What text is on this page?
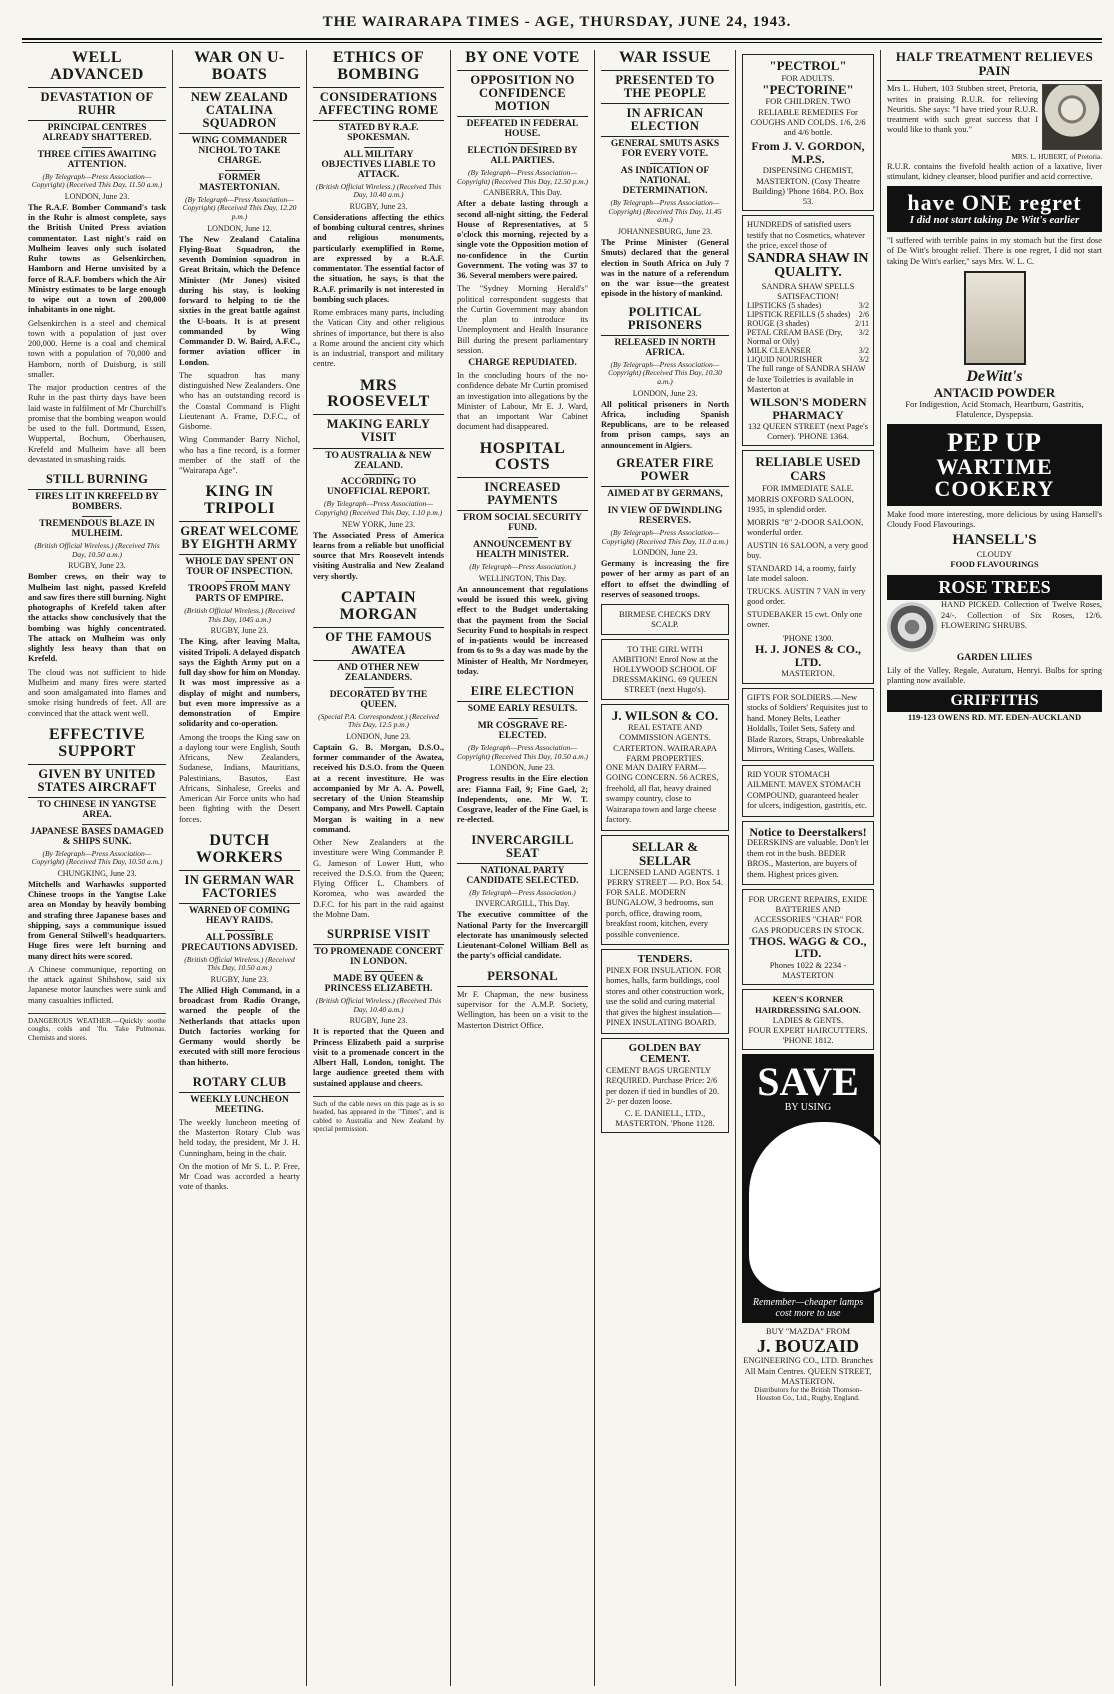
THE WAIRARAPA TIMES - AGE, THURSDAY, JUNE 24, 1943.
WELL ADVANCED
DEVASTATION OF RUHR
PRINCIPAL CENTRES ALREADY SHATTERED.
THREE CITIES AWAITING ATTENTION.
(By Telegraph—Press Association—Copyright) (Received This Day, 11.50 a.m.)
LONDON, June 23.

The R.A.F. Bomber Command's task in the Ruhr is almost complete, says the British United Press aviation commentator. Last night's raid on Mulheim leaves only such isolated Ruhr towns as Gelsenkirchen, Hamborn and Herne unvisited by a force of R.A.F. bombers which the Air Ministry estimates to be large enough to wipe out a town of 200,000 inhabitants in one night.

Gelsenkirchen is a steel and chemical town with a population of just over 200,000. Herne is a coal and chemical town with a population of 70,000 and Hamborn, north of Duisburg, is still smaller.

The major production centres of the Ruhr in the past thirty days have been laid waste in fulfilment of Mr Churchill's promise that the bombing weapon would be used to the full. Dortmund, Essen, Wuppertal, Bochum, Oberhausen, Krefeld and Mulheim have all been devastated in smashing raids.

STILL BURNING
FIRES LIT IN KREFELD BY BOMBERS.
TREMENDOUS BLAZE IN MULHEIM.
(British Official Wireless.) (Received This Day, 10.50 a.m.)
RUGBY, June 23.

Bomber crews, on their way to Mulheim last night, passed Krefeld and saw fires there still burning. Night photographs of Krefeld taken after the attacks show conclusively that the bombing was highly concentrated. The attack on Mulheim was only slightly less heavy than that on Krefeld.

The cloud was not sufficient to hide Mulheim and many fires were started and soon amalgamated into flames and smoke rising hundreds of feet. All are convinced that the attack went well.

EFFECTIVE SUPPORT
GIVEN BY UNITED STATES AIRCRAFT
TO CHINESE IN YANGTSE AREA.
JAPANESE BASES DAMAGED & SHIPS SUNK.
(By Telegraph—Press Association—Copyright) (Received This Day, 10.50 a.m.)
CHUNGKING, June 23.

Mitchells and Warhawks supported Chinese troops in the Yangtse Lake area on Monday by heavily bombing and strafing three Japanese bases and shipping, says a communique issued from General Stilwell's headquarters. Huge fires were left burning and many direct hits were scored.

A Chinese communique, reporting on the attack against Shihshow, said six Japanese motor launches were sunk and many casualties inflicted.

DANGEROUS WEATHER.—Quickly soothe coughs, colds and 'flu. Take Pulmonas. Chemists and stores.

WAR ON U-BOATS
NEW ZEALAND CATALINA SQUADRON
WING COMMANDER NICHOL TO TAKE CHARGE.
FORMER MASTERTONIAN.
(By Telegraph—Press Association—Copyright) (Received This Day, 12.20 p.m.)
LONDON, June 12.

The New Zealand Catalina Flying-Boat Squadron, the seventh Dominion squadron in Great Britain, which the Defence Minister (Mr Jones) visited during his stay, is looking forward to helping to tie the sixties in the great battle against the U-boats. It is at present commanded by Wing Commander D. W. Baird, A.F.C., former aviation officer in London.

The squadron has many distinguished New Zealanders. One who has an outstanding record is the Coastal Command is Flight Lieutenant A. Frame, D.F.C., of Gisborne.

Wing Commander Barry Nichol, who has a fine record, is a former member of the staff of the "Wairarapa Age".

KING IN TRIPOLI
GREAT WELCOME BY EIGHTH ARMY
WHOLE DAY SPENT ON TOUR OF INSPECTION.
TROOPS FROM MANY PARTS OF EMPIRE.
(British Official Wireless.) (Received This Day, 1045 a.m.)
RUGBY, June 23.

The King, after leaving Malta, visited Tripoli. A delayed dispatch says the Eighth Army put on a full day show for him on Monday. It was most impressive as a display of might and numbers, but even more impressive as a demonstration of Empire solidarity and co-operation.

Among the troops the King saw on a daylong tour were English, South Africans, New Zealanders, Sudanese, Indians, Mauritians, Palestinians, Basutos, East Africans, Sinhalese, Greeks and American Air Force units who had been fighting with the Desert forces.

DUTCH WORKERS
IN GERMAN WAR FACTORIES
WARNED OF COMING HEAVY RAIDS.
ALL POSSIBLE PRECAUTIONS ADVISED.
(British Official Wireless.) (Received This Day, 10.50 a.m.)
RUGBY, June 23.

The Allied High Command, in a broadcast from Radio Orange, warned the people of the Netherlands that attacks upon Dutch factories working for Germany would shortly be executed with still more ferocious than hitherto.

ROTARY CLUB
WEEKLY LUNCHEON MEETING.

The weekly luncheon meeting of the Masterton Rotary Club was held today, the president, Mr J. H. Cunningham, being in the chair.

On the motion of Mr S. L. P. Free, Mr Coad was accorded a hearty vote of thanks.

ETHICS OF BOMBING
CONSIDERATIONS AFFECTING ROME
STATED BY R.A.F. SPOKESMAN.
ALL MILITARY OBJECTIVES LIABLE TO ATTACK.
(British Official Wireless.) (Received This Day, 10.40 a.m.)
RUGBY, June 23.

Considerations affecting the ethics of bombing cultural centres, shrines and religious monuments, particularly exemplified in Rome, are expressed by a R.A.F. commentator. The essential factor of the situation, he says, is that the R.A.F. primarily is not interested in bombing such places.

Rome embraces many parts, including the Vatican City and other religious shrines of importance, but there is also a Rome around the ancient city which is an industrial, transport and military centre.

MRS ROOSEVELT
MAKING EARLY VISIT
TO AUSTRALIA & NEW ZEALAND.
ACCORDING TO UNOFFICIAL REPORT.
(By Telegraph—Press Association—Copyright) (Received This Day, 1.10 p.m.)
NEW YORK, June 23.

The Associated Press of America learns from a reliable but unofficial source that Mrs Roosevelt intends visiting Australia and New Zealand very shortly.

CAPTAIN MORGAN
OF THE FAMOUS AWATEA
AND OTHER NEW ZEALANDERS.
DECORATED BY THE QUEEN.
(Special P.A. Correspondent.) (Received This Day, 12.5 p.m.)
LONDON, June 23.

Captain G. B. Morgan, D.S.O., former commander of the Awatea, received his D.S.O. from the Queen at a recent investiture. He was accompanied by Mr A. A. Powell, secretary of the Union Steamship Company, and Mrs Powell. Captain Morgan is waiting in a new command.

Other New Zealanders at the investiture were Wing Commander P. G. Jameson of Lower Hutt, who received the D.S.O. from the Queen; Flying Officer L. Chambers of Koromea, who was awarded the D.F.C. for his part in the raid against the Mohne Dam.

SURPRISE VISIT
TO PROMENADE CONCERT IN LONDON.
MADE BY QUEEN & PRINCESS ELIZABETH.
(British Official Wireless.) (Received This Day, 10.40 a.m.)
RUGBY, June 23.

It is reported that the Queen and Princess Elizabeth paid a surprise visit to a promenade concert in the Albert Hall, London, tonight. The large audience greeted them with sustained applause and cheers.

Such of the cable news on this page as is so headed, has appeared in the "Times", and is cabled to Australia and New Zealand by special permission.

BY ONE VOTE
OPPOSITION NO CONFIDENCE MOTION
DEFEATED IN FEDERAL HOUSE.
ELECTION DESIRED BY ALL PARTIES.
(By Telegraph—Press Association—Copyright) (Received This Day, 12.50 p.m.)
CANBERRA, This Day.

After a debate lasting through a second all-night sitting, the Federal House of Representatives, at 5 o'clock this morning, rejected by a single vote the Opposition motion of no-confidence in the Curtin Government. The voting was 37 to 36. Several members were paired.

The "Sydney Morning Herald's" political correspondent suggests that the Curtin Government may abandon the plan to introduce its Unemployment and Health Insurance Bill during the present parliamentary session.

CHARGE REPUDIATED.

In the concluding hours of the no-confidence debate Mr Curtin promised an investigation into allegations by the Minister of Labour, Mr E. J. Ward, that an important War Cabinet document had disappeared.

HOSPITAL COSTS
INCREASED PAYMENTS
FROM SOCIAL SECURITY FUND.
ANNOUNCEMENT BY HEALTH MINISTER.
(By Telegraph—Press Association.)
WELLINGTON, This Day.

An announcement that regulations would be issued this week, giving effect to the Budget undertaking that the payment from the Social Security Fund to hospitals in respect of in-patients would be increased from 6s to 9s a day was made by the Minister of Health, Mr Nordmeyer, today.

EIRE ELECTION
SOME EARLY RESULTS.
MR COSGRAVE RE-ELECTED.
(By Telegraph—Press Association—Copyright) (Received This Day, 10.50 a.m.)
LONDON, June 23.

Progress results in the Eire election are: Fianna Fail, 9; Fine Gael, 2; Independents, one. Mr W. T. Cosgrave, leader of the Fine Gael, is re-elected.

INVERCARGILL SEAT
NATIONAL PARTY CANDIDATE SELECTED.
(By Telegraph—Press Association.)
INVERCARGILL, This Day.

The executive committee of the National Party for the Invercargill electorate has unanimously selected Lieutenant-Colonel William Bell as the party's official candidate.

PERSONAL

Mr F. Chapman, the new business supervisor for the A.M.P. Society, Wellington, has been on a visit to the Masterton District Office.

WAR ISSUE
PRESENTED TO THE PEOPLE
IN AFRICAN ELECTION
GENERAL SMUTS ASKS FOR EVERY VOTE.
AS INDICATION OF NATIONAL DETERMINATION.
(By Telegraph—Press Association—Copyright) (Received This Day, 11.45 a.m.)
JOHANNESBURG, June 23.

The Prime Minister (General Smuts) declared that the general election in South Africa on July 7 was in the nature of a referendum on the war issue—the greatest episode in the history of mankind.

POLITICAL PRISONERS
RELEASED IN NORTH AFRICA.
(By Telegraph—Press Association—Copyright) (Received This Day, 10.30 a.m.)
LONDON, June 23.

All political prisoners in North Africa, including Spanish Republicans, are to be released from prison camps, says an announcement in Algiers.

GREATER FIRE POWER
AIMED AT BY GERMANS,
IN VIEW OF DWINDLING RESERVES.
(By Telegraph—Press Association—Copyright) (Received This Day, 11.0 a.m.)
LONDON, June 23.

Germany is increasing the fire power of her army as part of an effort to offset the dwindling of reserves of seasoned troops.

BIRMESE CHECKS DRY SCALP.
TO THE GIRL WITH AMBITION! Enrol Now at the HOLLYWOOD SCHOOL OF DRESSMAKING. 69 QUEEN STREET (next Hugo's).
J. WILSON & CO.
REAL ESTATE AND COMMISSION AGENTS. CARTERTON. WAIRARAPA FARM PROPERTIES.
ONE MAN DAIRY FARM—GOING CONCERN. 56 ACRES, freehold, all flat, heavy drained swampy country, close to Wairarapa town and large cheese factory.
SELLAR & SELLAR
LICENSED LAND AGENTS. 1 PERRY STREET — P.O. Box 54.
FOR SALE. MODERN BUNGALOW, 3 bedrooms, sun porch, office, drawing room, breakfast room, kitchen, every possible convenience.
TENDERS.
PINEX FOR INSULATION. FOR homes, halls, farm buildings, cool stores and other construction work, use the solid and curing material that gives the highest insulation—PINEX INSULATING BOARD.
GOLDEN BAY CEMENT.
CEMENT BAGS URGENTLY REQUIRED. Purchase Price: 2/6 per dozen if tied in bundles of 20. 2/- per dozen loose.
C. E. DANIELL, LTD., MASTERTON. 'Phone 1128.
"PECTROL"
FOR ADULTS.
"PECTORINE"
FOR CHILDREN. TWO RELIABLE REMEDIES For COUGHS AND COLDS. 1/6, 2/6 and 4/6 bottle.
From J. V. GORDON, M.P.S.
DISPENSING CHEMIST, MASTERTON. (Cosy Theatre Building) 'Phone 1684. P.O. Box 53.
HUNDREDS of satisfied users testify that no Cosmetics, whatever the price, excel those of
SANDRA SHAW IN QUALITY.
SANDRA SHAW SPELLS SATISFACTION!
LIPSTICKS (5 shades)	3/2
LIPSTICK REFILLS (5 shades) 2/6
ROUGE (3 shades)	2/11
PETAL CREAM BASE (Dry, Normal or Oily)
3/2
MILK CLEANSER	3/2
LIQUID NOURISHER	3/2
The full range of SANDRA SHAW de luxe Toiletries is available in Masterton at
WILSON'S MODERN PHARMACY
132 QUEEN STREET (next Page's Corner). 'PHONE 1364.
RELIABLE USED CARS
FOR IMMEDIATE SALE.
MORRIS OXFORD SALOON, 1935, in splendid order.
MORRIS "8" 2-DOOR SALOON, wonderful order.
AUSTIN 16 SALOON, a very good buy.
STANDARD 14, a roomy, fairly late model saloon.
TRUCKS. AUSTIN 7 VAN in very good order.
STUDEBAKER 15 cwt. Only one owner.
'PHONE 1300.
H. J. JONES & CO., LTD.
MASTERTON.
GIFTS FOR SOLDIERS.—New stocks of Soldiers' Requisites just to hand. Money Belts, Leather Holdalls, Toilet Sets, Safety and Blade Razors, Straps, Unbreakable Mirrors, Writing Cases, Wallets.
RID YOUR STOMACH AILMENT. MAVEX STOMACH COMPOUND, guaranteed healer for ulcers, indigestion, gastritis, etc.
Notice to Deerstalkers!
DEERSKINS are valuable. Don't let them rot in the bush. BEDER BROS., Masterton, are buyers of them. Highest prices given.
FOR URGENT REPAIRS, EXIDE BATTERIES AND ACCESSORIES "CHAR" FOR GAS PRODUCERS IN STOCK.
THOS. WAGG & CO., LTD.
Phones 1022 & 2234 - MASTERTON
KEEN'S KORNER HAIRDRESSING SALOON.
LADIES & GENTS.
FOUR EXPERT HAIRCUTTERS. 'PHONE 1812.
SAVE
BY USING
MAZDA
LAMPS
Remember—cheaper lamps cost more to use
BUY "MAZDA" FROM
J. BOUZAID
ENGINEERING CO., LTD. Branches All Main Centres. QUEEN STREET, MASTERTON.
Distributors for the British Thomson-Houston Co., Ltd., Rugby, England.
HALF TREATMENT RELIEVES PAIN

Mrs L. Hubert, 103 Stubben street, Pretoria, writes in praising R.U.R. for relieving Neuritis. She says: "I have tried your R.U.R. treatment with such great success that I would like to thank you."

MRS. L. HUBERT, of Pretoria.

R.U.R. contains the fivefold health action of a laxative, liver stimulant, kidney cleanser, blood purifier and acid corrective.

have ONE regret
I did not start taking De Witt's earlier

"I suffered with terrible pains in my stomach but the first dose of De Witt's brought relief. There is one regret, I did not start taking De Witt's earlier," says Mrs. W. L. C.

DeWitt's
ANTACID POWDER
For Indigestion, Acid Stomach, Heartburn, Gastritis, Flatulence, Dyspepsia.
PEP UP
WARTIME
COOKERY

Make food more interesting, more delicious by using Hansell's Cloudy Food Flavourings.

HANSELL'S
CLOUDY
FOOD FLAVOURINGS
ROSE TREES

HAND PICKED. Collection of Twelve Roses, 24/-. Collection of Six Roses, 12/6. FLOWERING SHRUBS.

GARDEN LILIES

Lily of the Valley, Regale, Auratum, Henryi. Bulbs for spring planting now available.

GRIFFITHS
119-123 OWENS RD. MT. EDEN-AUCKLAND
